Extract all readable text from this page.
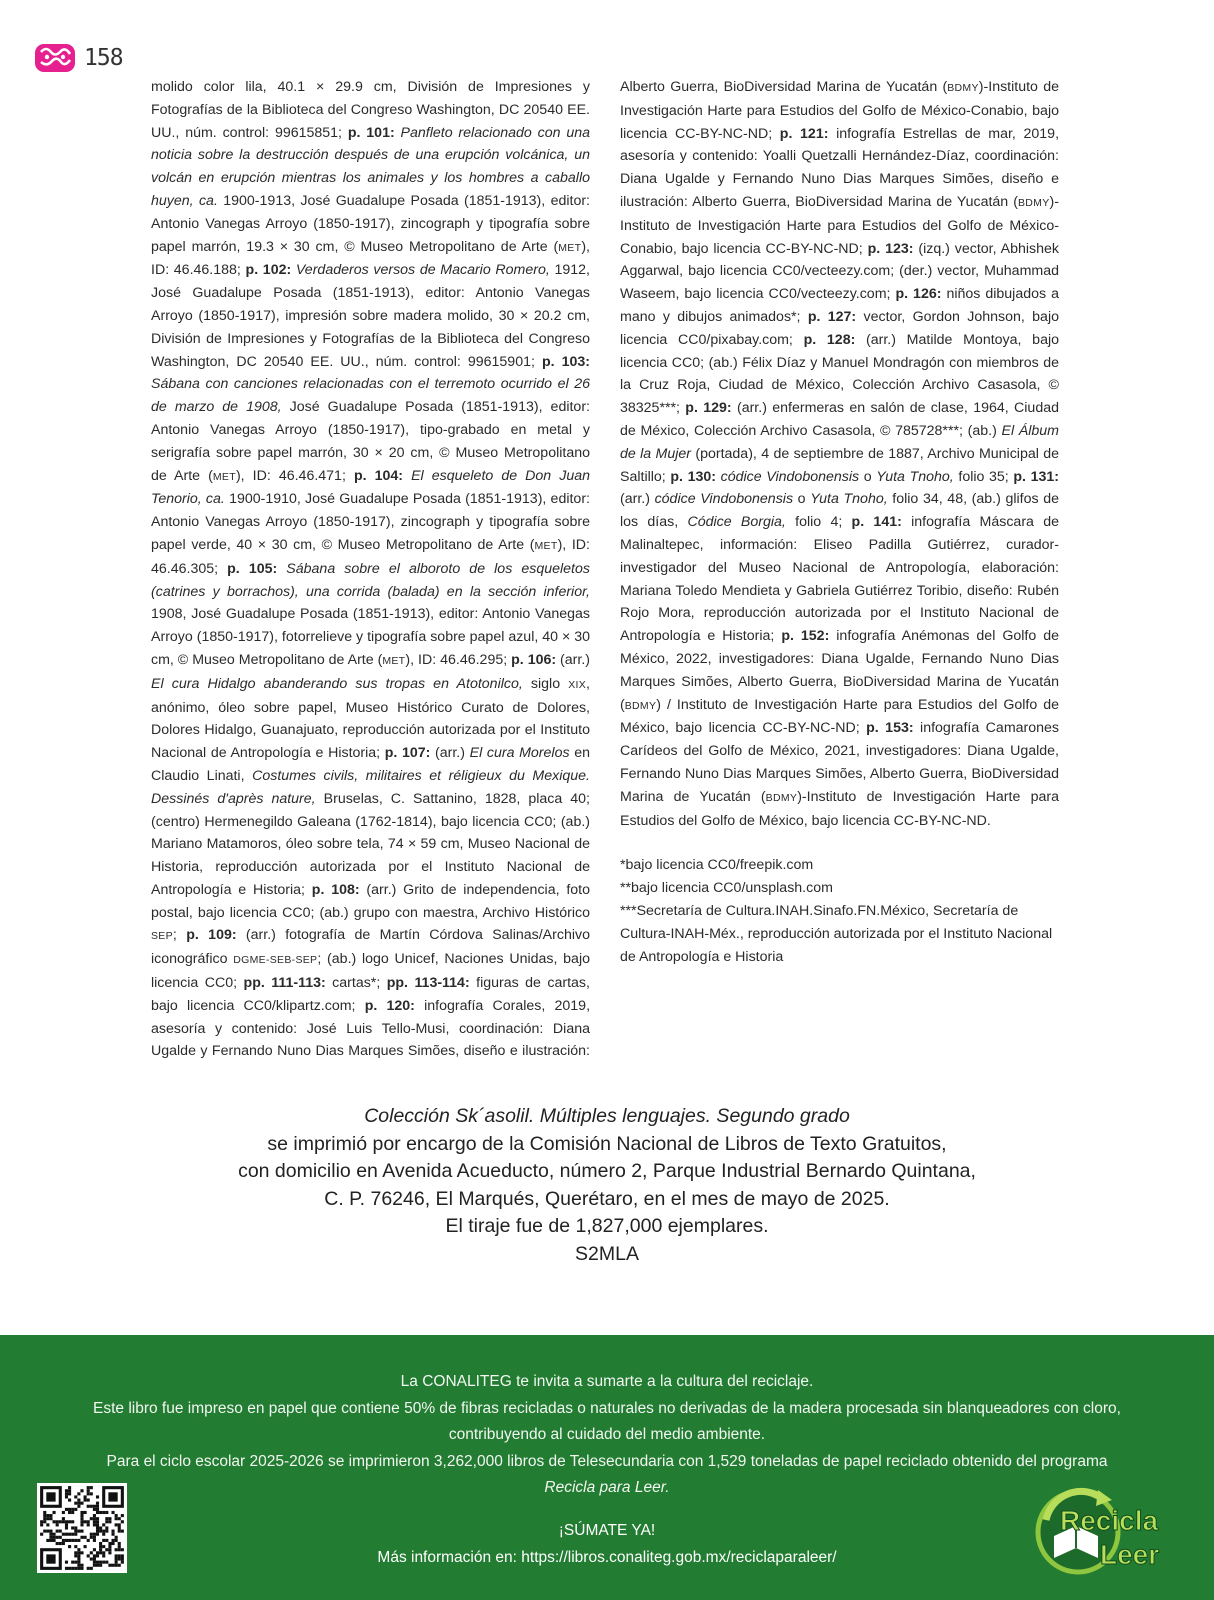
158

molido color lila, 40.1 × 29.9 cm, División de Impresiones y Fotografías de la Biblioteca del Congreso Washington, DC 20540 EE. UU., núm. control: 99615851; p. 101: Panfleto relacionado con una noticia sobre la destrucción después de una erupción volcánica, un volcán en erupción mientras los animales y los hombres a caballo huyen, ca. 1900-1913, José Guadalupe Posada (1851-1913), editor: Antonio Vanegas Arroyo (1850-1917), zincograph y tipografía sobre papel marrón, 19.3 × 30 cm, © Museo Metropolitano de Arte (MET), ID: 46.46.188; p. 102: Verdaderos versos de Macario Romero, 1912, José Guadalupe Posada (1851-1913), editor: Antonio Vanegas Arroyo (1850-1917), impresión sobre madera molido, 30 × 20.2 cm, División de Impresiones y Fotografías de la Biblioteca del Congreso Washington, DC 20540 EE. UU., núm. control: 99615901; p. 103: Sábana con canciones relacionadas con el terremoto ocurrido el 26 de marzo de 1908, José Guadalupe Posada (1851-1913), editor: Antonio Vanegas Arroyo (1850-1917), tipo-grabado en metal y serigrafía sobre papel marrón, 30 × 20 cm, © Museo Metropolitano de Arte (MET), ID: 46.46.471; p. 104: El esqueleto de Don Juan Tenorio, ca. 1900-1910, José Guadalupe Posada (1851-1913), editor: Antonio Vanegas Arroyo (1850-1917), zincograph y tipografía sobre papel verde, 40 × 30 cm, © Museo Metropolitano de Arte (MET), ID: 46.46.305; p. 105: Sábana sobre el alboroto de los esqueletos (catrines y borrachos), una corrida (balada) en la sección inferior, 1908, José Guadalupe Posada (1851-1913), editor: Antonio Vanegas Arroyo (1850-1917), fotorrelieve y tipografía sobre papel azul, 40 × 30 cm, © Museo Metropolitano de Arte (MET), ID: 46.46.295; p. 106: (arr.) El cura Hidalgo abanderando sus tropas en Atotonilco, siglo XIX, anónimo, óleo sobre papel, Museo Histórico Curato de Dolores, Dolores Hidalgo, Guanajuato, reproducción autorizada por el Instituto Nacional de Antropología e Historia; p. 107: (arr.) El cura Morelos en Claudio Linati, Costumes civils, militaires et réligieux du Mexique. Dessinés d'après nature, Bruselas, C. Sattanino, 1828, placa 40; (centro) Hermenegildo Galeana (1762-1814), bajo licencia CC0; (ab.) Mariano Matamoros, óleo sobre tela, 74 × 59 cm, Museo Nacional de Historia, reproducción autorizada por el Instituto Nacional de Antropología e Historia; p. 108: (arr.) Grito de independencia, foto postal, bajo licencia CC0; (ab.) grupo con maestra, Archivo Histórico SEP; p. 109: (arr.) fotografía de Martín Córdova Salinas/Archivo iconográfico DGME-SEB-SEP; (ab.) logo Unicef, Naciones Unidas, bajo licencia CC0; pp. 111-113: cartas*; pp. 113-114: figuras de cartas, bajo licencia CC0/klipartz.com; p. 120: infografía Corales, 2019, asesoría y contenido: José Luis Tello-Musi, coordinación: Diana Ugalde y Fernando Nuno Dias Marques Simões, diseño e ilustración: Alberto Guerra, BioDiversidad Marina de Yucatán (BDMY)-Instituto de Investigación Harte para Estudios del Golfo de México-Conabio, bajo licencia CC-BY-NC-ND; p. 121: infografía Estrellas de mar, 2019, asesoría y contenido: Yoalli Quetzalli Hernández-Díaz, coordinación: Diana Ugalde y Fernando Nuno Dias Marques Simões, diseño e ilustración: Alberto Guerra, BioDiversidad Marina de Yucatán (BDMY)-Instituto de Investigación Harte para Estudios del Golfo de México-Conabio, bajo licencia CC-BY-NC-ND; p. 123: (izq.) vector, Abhishek Aggarwal, bajo licencia CC0/vecteezy.com; (der.) vector, Muhammad Waseem, bajo licencia CC0/vecteezy.com; p. 126: niños dibujados a mano y dibujos animados*; p. 127: vector, Gordon Johnson, bajo licencia CC0/pixabay.com; p. 128: (arr.) Matilde Montoya, bajo licencia CC0; (ab.) Félix Díaz y Manuel Mondragón con miembros de la Cruz Roja, Ciudad de México, Colección Archivo Casasola, © 38325***; p. 129: (arr.) enfermeras en salón de clase, 1964, Ciudad de México, Colección Archivo Casasola, © 785728***; (ab.) El Álbum de la Mujer (portada), 4 de septiembre de 1887, Archivo Municipal de Saltillo; p. 130: códice Vindobonensis o Yuta Tnoho, folio 35; p. 131: (arr.) códice Vindobonensis o Yuta Tnoho, folio 34, 48, (ab.) glifos de los días, Códice Borgia, folio 4; p. 141: infografía Máscara de Malinaltepec, información: Eliseo Padilla Gutiérrez, curador-investigador del Museo Nacional de Antropología, elaboración: Mariana Toledo Mendieta y Gabriela Gutiérrez Toribio, diseño: Rubén Rojo Mora, reproducción autorizada por el Instituto Nacional de Antropología e Historia; p. 152: infografía Anémonas del Golfo de México, 2022, investigadores: Diana Ugalde, Fernando Nuno Dias Marques Simões, Alberto Guerra, BioDiversidad Marina de Yucatán (BDMY) / Instituto de Investigación Harte para Estudios del Golfo de México, bajo licencia CC-BY-NC-ND; p. 153: infografía Camarones Carídeos del Golfo de México, 2021, investigadores: Diana Ugalde, Fernando Nuno Dias Marques Simões, Alberto Guerra, BioDiversidad Marina de Yucatán (BDMY)-Instituto de Investigación Harte para Estudios del Golfo de México, bajo licencia CC-BY-NC-ND.

*bajo licencia CC0/freepik.com
**bajo licencia CC0/unsplash.com
***Secretaría de Cultura.INAH.Sinafo.FN.México, Secretaría de Cultura-INAH-Méx., reproducción autorizada por el Instituto Nacional de Antropología e Historia
Colección Sk´asolil. Múltiples lenguajes. Segundo grado
se imprimió por encargo de la Comisión Nacional de Libros de Texto Gratuitos,
con domicilio en Avenida Acueducto, número 2, Parque Industrial Bernardo Quintana,
C. P. 76246, El Marqués, Querétaro, en el mes de mayo de 2025.
El tiraje fue de 1,827,000 ejemplares.
S2MLA
La CONALITEG te invita a sumarte a la cultura del reciclaje.
Este libro fue impreso en papel que contiene 50% de fibras recicladas o naturales no derivadas de la madera procesada sin blanqueadores con cloro,
contribuyendo al cuidado del medio ambiente.
Para el ciclo escolar 2025-2026 se imprimieron 3,262,000 libros de Telesecundaria con 1,529 toneladas de papel reciclado obtenido del programa
Recicla para Leer.
¡SÚMATE YA!
Más información en: https://libros.conaliteg.gob.mx/reciclaparaleer/
Recicla
Leer
